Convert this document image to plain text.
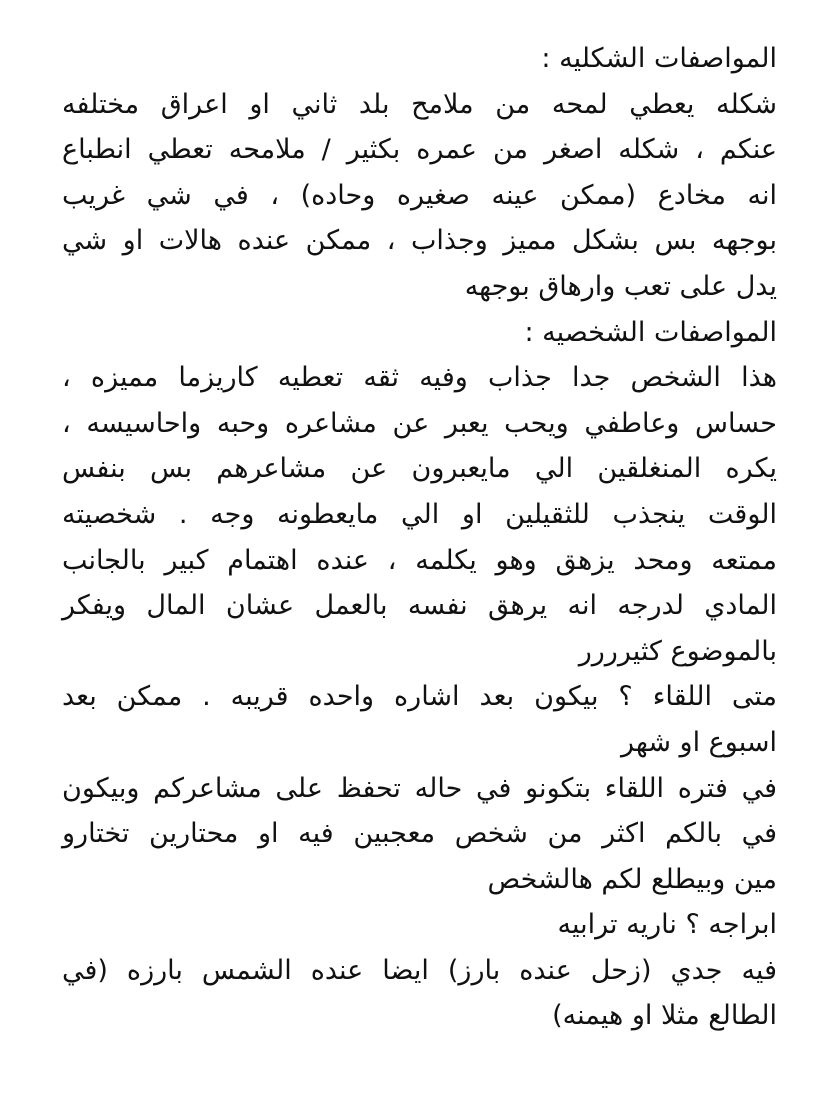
المواصفات الشكليه :
شكله يعطي لمحه من ملامح بلد ثاني او اعراق مختلفه
عنكم ، شكله اصغر من عمره بكثير / ملامحه تعطي انطباع
انه مخادع (ممكن عينه صغيره وحاده) ، في شي غريب
بوجهه بس بشكل مميز وجذاب ، ممكن عنده هالات او شي
يدل على تعب وارهاق بوجهه
المواصفات الشخصيه :
هذا الشخص جدا جذاب وفيه ثقه تعطيه كاريزما مميزه ،
حساس وعاطفي ويحب يعبر عن مشاعره وحبه واحاسيسه ،
يكره المنغلقين الي مايعبرون عن مشاعرهم بس بنفس
الوقت ينجذب للثقيلين او الي مايعطونه وجه . شخصيته
ممتعه ومحد يزهق وهو يكلمه ، عنده اهتمام كبير بالجانب
المادي لدرجه انه يرهق نفسه بالعمل عشان المال ويفكر
بالموضوع كثيرررر
متى اللقاء ؟ بيكون بعد اشاره واحده قريبه . ممكن بعد
اسبوع او شهر
في فتره اللقاء بتكونو في حاله تحفظ على مشاعركم وبيكون
في بالكم اكثر من شخص معجبين فيه او محتارين تختارو
مين وبيطلع لكم هالشخص
ابراجه ؟ ناريه ترابيه
فيه جدي (زحل عنده بارز) ايضا عنده الشمس بارزه (في
الطالع مثلا او هيمنه)
